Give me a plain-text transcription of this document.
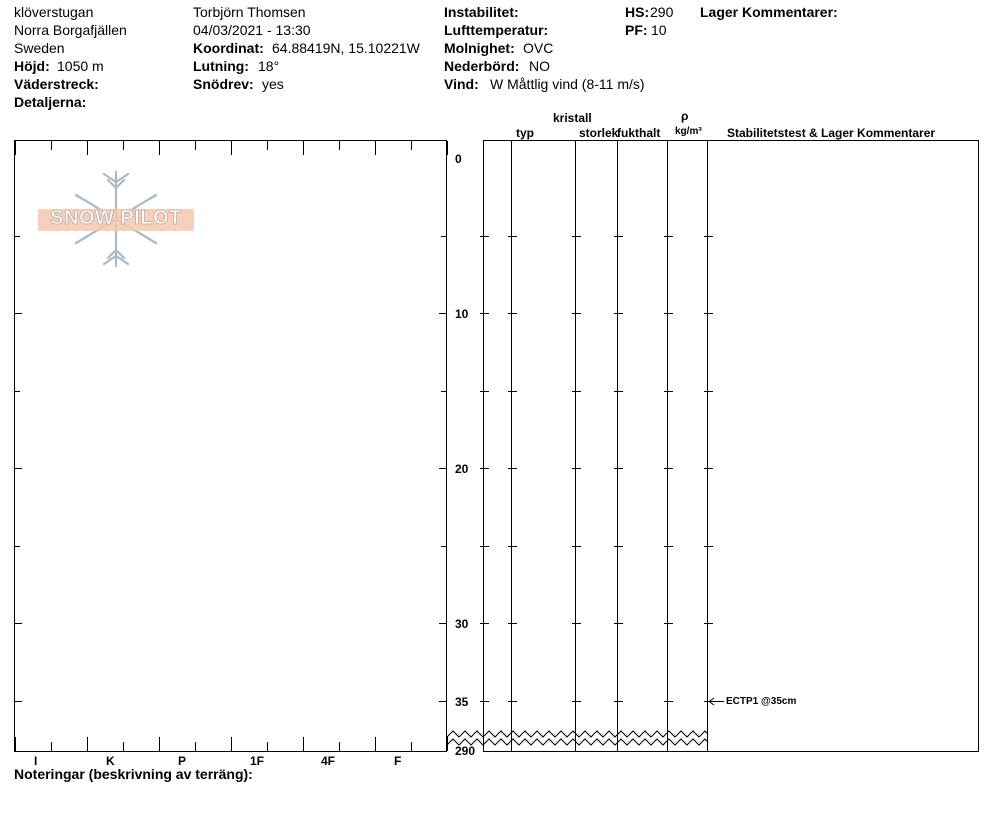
klöverstugan
Norra Borgafjällen
Sweden
Höjd: 1050 m
Väderstreck:
Detaljerna:
Torbjörn Thomsen
04/03/2021 - 13:30
Koordinat: 64.88419N, 15.10221W
Lutning: 18°
Snödrev: yes
Instabilitet:
Lufttemperatur:
Molnighet: OVC
Nederbörd: NO
Vind: W Måttlig vind (8-11 m/s)
HS: 290
PF: 10
Lager Kommentarer:
SNOW PILOT
0
10
20
30
35
290
I	K	P	1F	4F	F
typ
kristall
storlek
fukthalt
ρ
kg/m³ Stabilitetstest & Lager Kommentarer
ECTP1 @35cm
Noteringar (beskrivning av terräng):
